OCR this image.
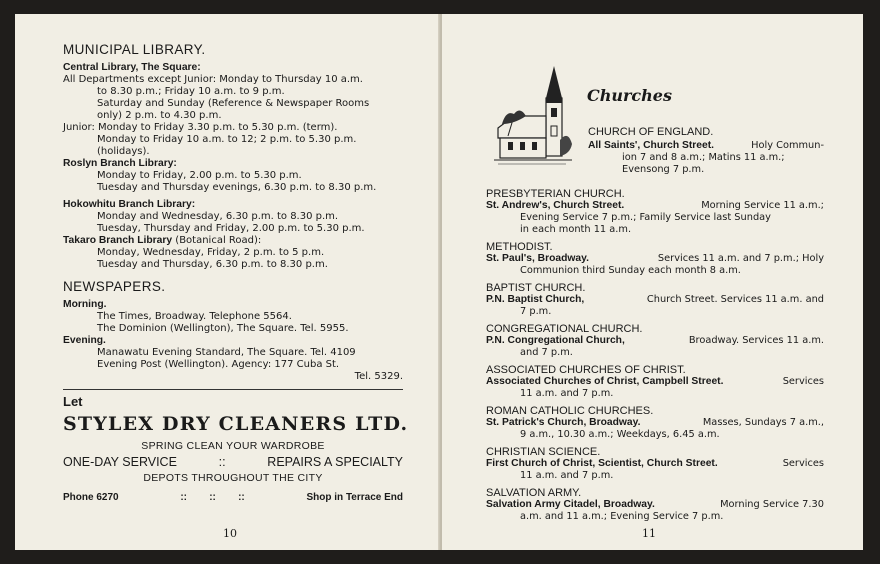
MUNICIPAL LIBRARY.
Central Library, The Square:
All Departments except Junior: Monday to Thursday 10 a.m.
to 8.30 p.m.; Friday 10 a.m. to 9 p.m.
Saturday and Sunday (Reference & Newspaper Rooms
only) 2 p.m. to 4.30 p.m.
Junior: Monday to Friday 3.30 p.m. to 5.30 p.m. (term).
Monday to Friday 10 a.m. to 12; 2 p.m. to 5.30 p.m.
(holidays).
Roslyn Branch Library:
Monday to Friday, 2.00 p.m. to 5.30 p.m.
Tuesday and Thursday evenings, 6.30 p.m. to 8.30 p.m.
Hokowhitu Branch Library:
Monday and Wednesday, 6.30 p.m. to 8.30 p.m.
Tuesday, Thursday and Friday, 2.00 p.m. to 5.30 p.m.
Takaro Branch Library (Botanical Road):
Monday, Wednesday, Friday, 2 p.m. to 5 p.m.
Tuesday and Thursday, 6.30 p.m. to 8.30 p.m.
NEWSPAPERS.
Morning.
The Times, Broadway. Telephone 5564.
The Dominion (Wellington), The Square. Tel. 5955.
Evening.
Manawatu Evening Standard, The Square. Tel. 4109
Evening Post (Wellington). Agency: 177 Cuba St.
Tel. 5329.
Let
STYLEX DRY CLEANERS LTD.
SPRING CLEAN YOUR WARDROBE
ONE-DAY SERVICE	::	REPAIRS A SPECIALTY
DEPOTS THROUGHOUT THE CITY
Phone 6270	::        ::        ::	Shop in Terrace End
10
Churches
CHURCH OF ENGLAND.
All Saints', Church Street.	Holy Commun-
ion 7 and 8 a.m.; Matins 11 a.m.;
Evensong 7 p.m.
PRESBYTERIAN CHURCH.
St. Andrew's, Church Street.	Morning Service 11 a.m.;
Evening Service 7 p.m.; Family Service last Sunday
in each month 11 a.m.
METHODIST.
St. Paul's, Broadway.	Services 11 a.m. and 7 p.m.; Holy
Communion third Sunday each month 8 a.m.
BAPTIST CHURCH.
P.N. Baptist Church,	Church Street. Services 11 a.m. and
7 p.m.
CONGREGATIONAL CHURCH.
P.N. Congregational Church,	Broadway. Services 11 a.m.
and 7 p.m.
ASSOCIATED CHURCHES OF CHRIST.
Associated Churches of Christ, Campbell Street.	Services
11 a.m. and 7 p.m.
ROMAN CATHOLIC CHURCHES.
St. Patrick's Church, Broadway.	Masses, Sundays 7 a.m.,
9 a.m., 10.30 a.m.; Weekdays, 6.45 a.m.
CHRISTIAN SCIENCE.
First Church of Christ, Scientist, Church Street.	Services
11 a.m. and 7 p.m.
SALVATION ARMY.
Salvation Army Citadel, Broadway.	Morning Service 7.30
a.m. and 11 a.m.; Evening Service 7 p.m.
11
